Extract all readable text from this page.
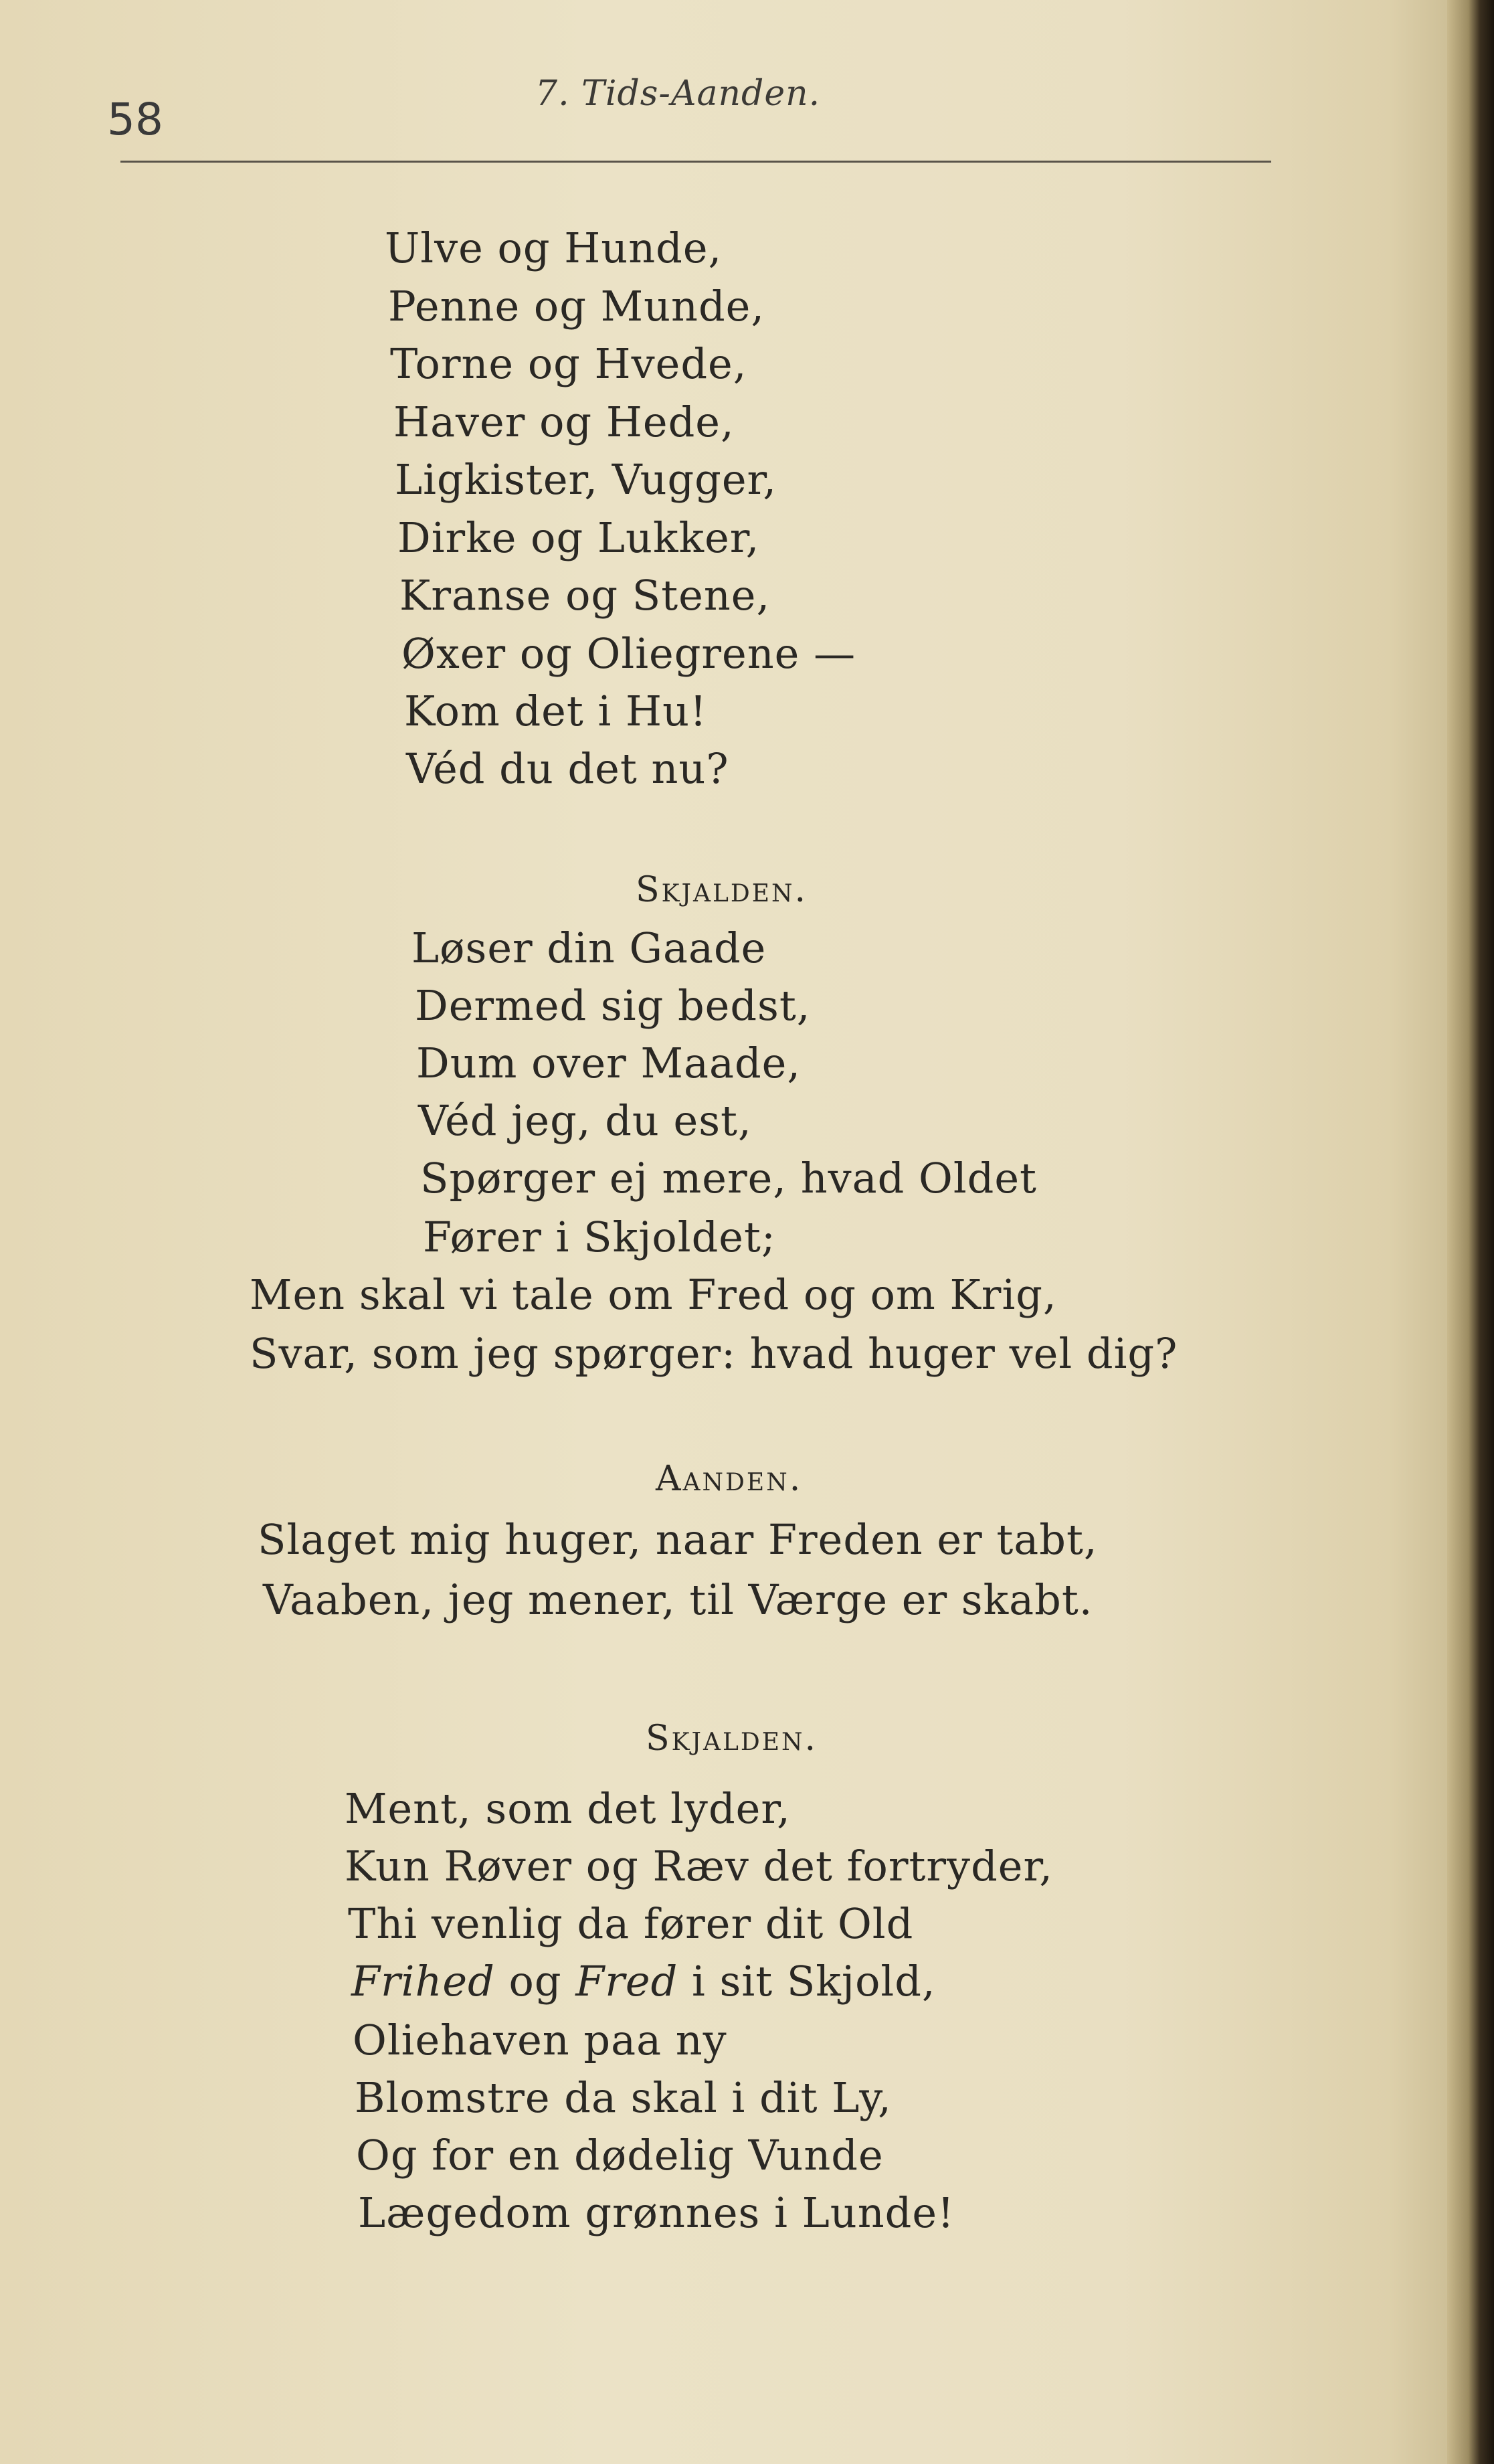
58	7. Tids-Aanden.
Ulve og Hunde,
Penne og Munde,
Torne og Hvede,
Haver og Hede,
Ligkister, Vugger,
Dirke og Lukker,
Kranse og Stene,
Øxer og Oliegrene —
Kom det i Hu!
Véd du det nu?
Skjalden.
Løser din Gaade
Dermed sig bedst,
Dum over Maade,
Véd jeg, du est,
Spørger ej mere, hvad Oldet
Fører i Skjoldet;
Men skal vi tale om Fred og om Krig,
Svar, som jeg spørger: hvad huger vel dig?
Aanden.
Slaget mig huger, naar Freden er tabt,
Vaaben, jeg mener, til Værge er skabt.
Skjalden.
Ment, som det lyder,
Kun Røver og Ræv det fortryder,
Thi venlig da fører dit Old
Frihed og Fred i sit Skjold,
Oliehaven paa ny
Blomstre da skal i dit Ly,
Og for en dødelig Vunde
Lægedom grønnes i Lunde!
